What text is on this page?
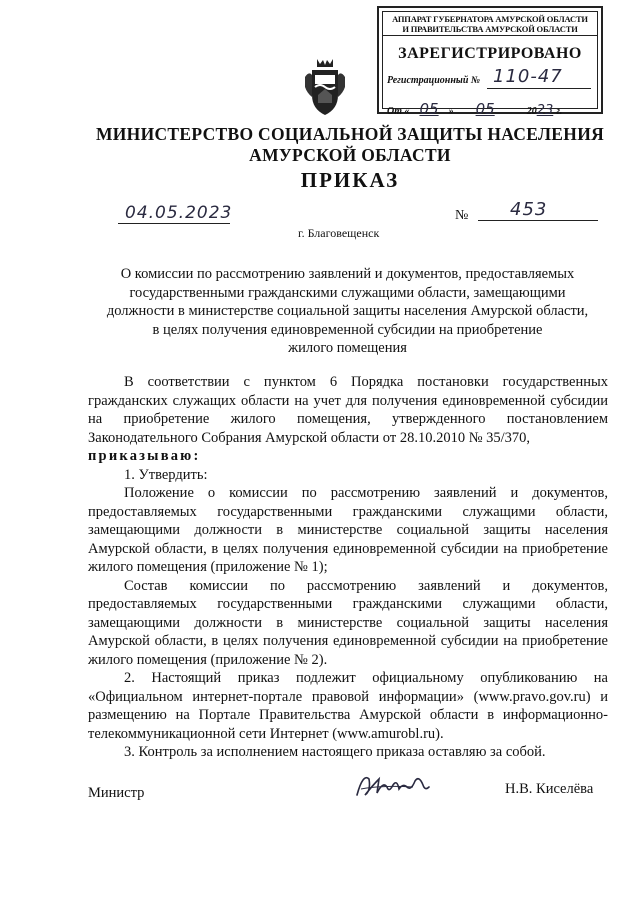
АППАРАТ ГУБЕРНАТОРА АМУРСКОЙ ОБЛАСТИ
И ПРАВИТЕЛЬСТВА АМУРСКОЙ ОБЛАСТИ
ЗАРЕГИСТРИРОВАНО
Регистрационный № 110-47
От « 05 » 05	2023 г.
МИНИСТЕРСТВО СОЦИАЛЬНОЙ ЗАЩИТЫ НАСЕЛЕНИЯ
АМУРСКОЙ ОБЛАСТИ
ПРИКАЗ
04.05.2023	№ 453
г. Благовещенск
О комиссии по рассмотрению заявлений и документов, предоставляемых
государственными гражданскими служащими области, замещающими
должности в министерстве социальной защиты населения Амурской области,
в целях получения единовременной субсидии на приобретение
жилого помещения

В соответствии с пунктом 6 Порядка постановки государственных гражданских служащих области на учет для получения единовременной субсидии на приобретение жилого помещения, утвержденного постановлением Законодательного Собрания Амурской области от 28.10.2010 № 35/370,

приказываю:

1. Утвердить:

Положение о комиссии по рассмотрению заявлений и документов, предоставляемых государственными гражданскими служащими области, замещающими должности в министерстве социальной защиты населения Амурской области, в целях получения единовременной субсидии на приобретение жилого помещения (приложение № 1);

Состав комиссии по рассмотрению заявлений и документов, предоставляемых государственными гражданскими служащими области, замещающими должности в министерстве социальной защиты населения Амурской области, в целях получения единовременной субсидии на приобретение жилого помещения (приложение № 2).

2. Настоящий приказ подлежит официальному опубликованию на «Официальном интернет-портале правовой информации» (www.pravo.gov.ru) и размещению на Портале Правительства Амурской области в информационно-телекоммуникационной сети Интернет (www.amurobl.ru).

3. Контроль за исполнением настоящего приказа оставляю за собой.

Министр	Н.В. Киселёва
